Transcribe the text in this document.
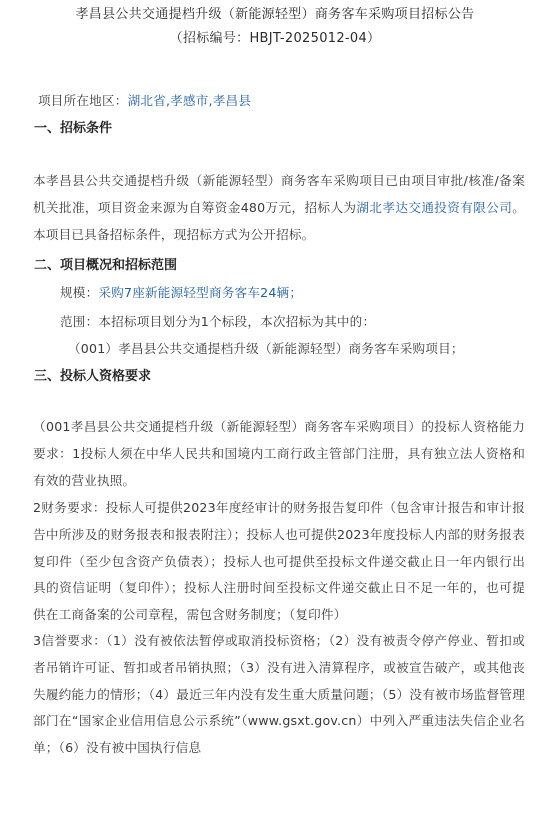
孝昌县公共交通提档升级（新能源轻型）商务客车采购项目招标公告
（招标编号：HBJT-2025012-04）
项目所在地区：湖北省,孝感市,孝昌县
一、招标条件

本孝昌县公共交通提档升级（新能源轻型）商务客车采购项目已由项目审批/核准/备案机关批准，项目资金来源为自筹资金480万元，招标人为湖北孝达交通投资有限公司。本项目已具备招标条件，现招标方式为公开招标。

二、项目概况和招标范围
规模：采购7座新能源轻型商务客车24辆；
范围：本招标项目划分为1个标段，本次招标为其中的：
（001）孝昌县公共交通提档升级（新能源轻型）商务客车采购项目；
三、投标人资格要求

（001孝昌县公共交通提档升级（新能源轻型）商务客车采购项目）的投标人资格能力要求：1投标人须在中华人民共和国境内工商行政主管部门注册，具有独立法人资格和有效的营业执照。

2财务要求：投标人可提供2023年度经审计的财务报告复印件（包含审计报告和审计报告中所涉及的财务报表和报表附注）；投标人也可提供2023年度投标人内部的财务报表复印件（至少包含资产负债表）；投标人也可提供至投标文件递交截止日一年内银行出具的资信证明（复印件）；投标人注册时间至投标文件递交截止日不足一年的，也可提供在工商备案的公司章程，需包含财务制度；（复印件）

3信誉要求：（1）没有被依法暂停或取消投标资格；（2）没有被责令停产停业、暂扣或者吊销许可证、暂扣或者吊销执照；（3）没有进入清算程序，或被宣告破产，或其他丧失履约能力的情形；（4）最近三年内没有发生重大质量问题；（5）没有被市场监督管理部门在“国家企业信用信息公示系统”（www.gsxt.gov.cn）中列入严重违法失信企业名单；（6）没有被中国执行信息
